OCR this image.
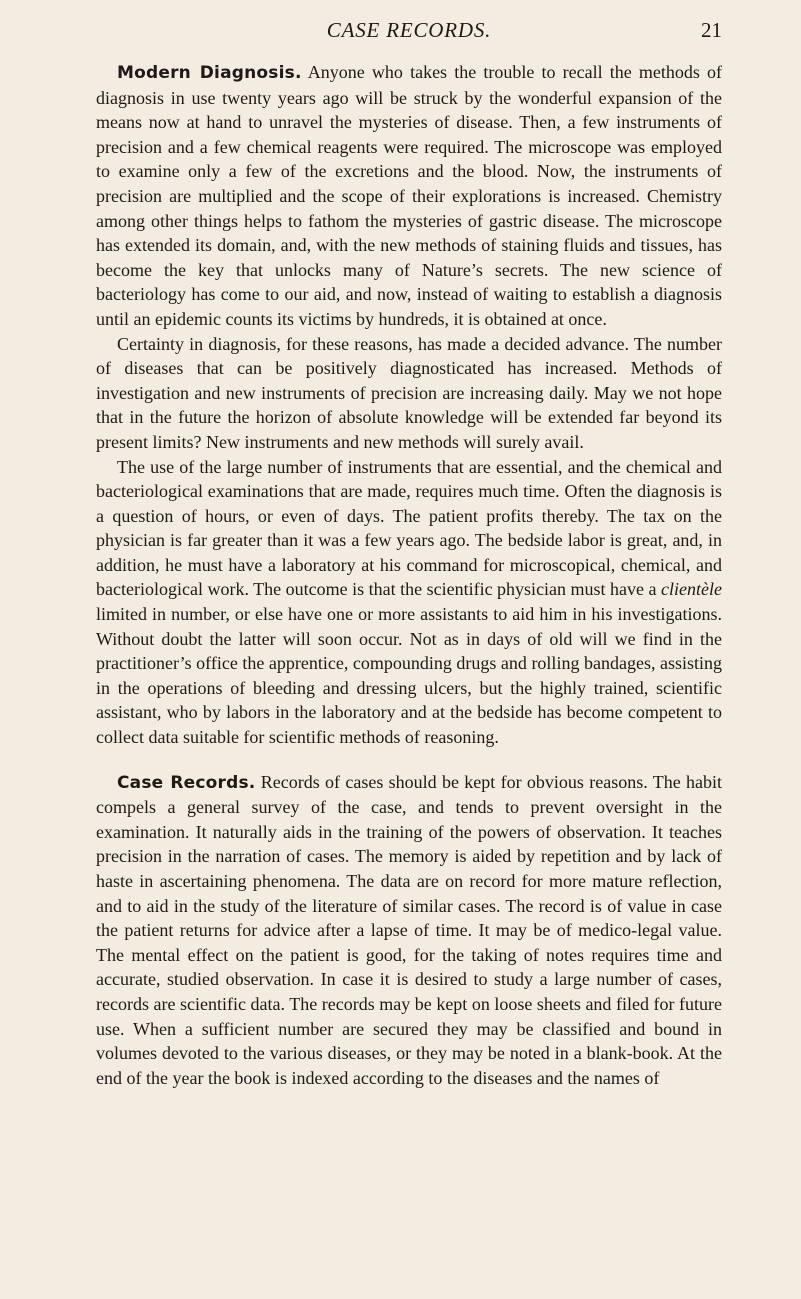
CASE RECORDS.	21

Modern Diagnosis. Anyone who takes the trouble to recall the methods of diagnosis in use twenty years ago will be struck by the wonderful expansion of the means now at hand to unravel the mysteries of disease. Then, a few instruments of precision and a few chemical reagents were required. The microscope was employed to examine only a few of the excretions and the blood. Now, the instruments of precision are multiplied and the scope of their explorations is increased. Chemistry among other things helps to fathom the mysteries of gastric disease. The microscope has extended its domain, and, with the new methods of staining fluids and tissues, has become the key that unlocks many of Nature’s secrets. The new science of bacteriology has come to our aid, and now, instead of waiting to establish a diagnosis until an epidemic counts its victims by hundreds, it is obtained at once.

Certainty in diagnosis, for these reasons, has made a decided advance. The number of diseases that can be positively diagnosticated has increased. Methods of investigation and new instruments of precision are increasing daily. May we not hope that in the future the horizon of absolute knowledge will be extended far beyond its present limits? New instruments and new methods will surely avail.

The use of the large number of instruments that are essential, and the chemical and bacteriological examinations that are made, requires much time. Often the diagnosis is a question of hours, or even of days. The patient profits thereby. The tax on the physician is far greater than it was a few years ago. The bedside labor is great, and, in addition, he must have a laboratory at his command for microscopical, chemical, and bacteriological work. The outcome is that the scientific physician must have a clientèle limited in number, or else have one or more assistants to aid him in his investigations. Without doubt the latter will soon occur. Not as in days of old will we find in the practitioner’s office the apprentice, compounding drugs and rolling bandages, assisting in the operations of bleeding and dressing ulcers, but the highly trained, scientific assistant, who by labors in the laboratory and at the bedside has become competent to collect data suitable for scientific methods of reasoning.

Case Records. Records of cases should be kept for obvious reasons. The habit compels a general survey of the case, and tends to prevent oversight in the examination. It naturally aids in the training of the powers of observation. It teaches precision in the narration of cases. The memory is aided by repetition and by lack of haste in ascertaining phenomena. The data are on record for more mature reflection, and to aid in the study of the literature of similar cases. The record is of value in case the patient returns for advice after a lapse of time. It may be of medico-legal value. The mental effect on the patient is good, for the taking of notes requires time and accurate, studied observation. In case it is desired to study a large number of cases, records are scientific data. The records may be kept on loose sheets and filed for future use. When a sufficient number are secured they may be classified and bound in volumes devoted to the various diseases, or they may be noted in a blank-book. At the end of the year the book is indexed according to the diseases and the names of
